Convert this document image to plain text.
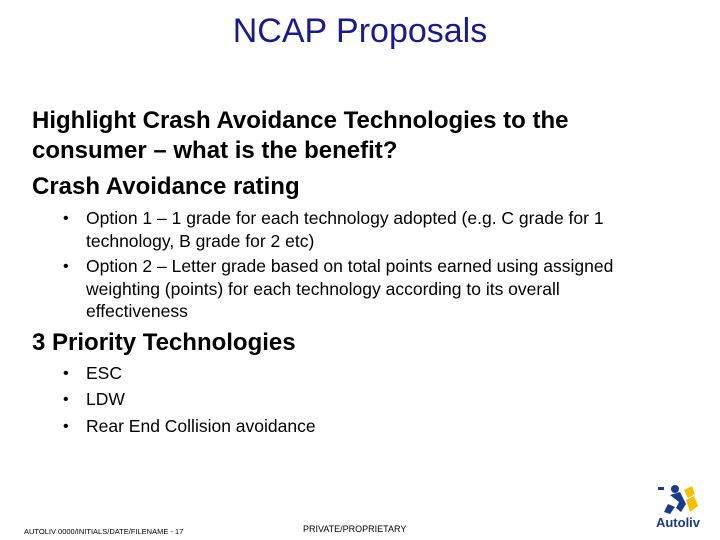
NCAP Proposals
Highlight Crash Avoidance Technologies to the
consumer – what is the benefit?
Crash Avoidance rating
• Option 1 – 1 grade for each technology adopted (e.g. C grade for 1
technology, B grade for 2 etc)
• Option 2 – Letter grade based on total points earned using assigned
weighting (points) for each technology according to its overall
effectiveness
3 Priority Technologies
• ESC
• LDW
• Rear End Collision avoidance
AUTOLIV 0000/INITIALS/DATE/FILENAME - 17	PRIVATE/PROPRIETARY	Autoliv
